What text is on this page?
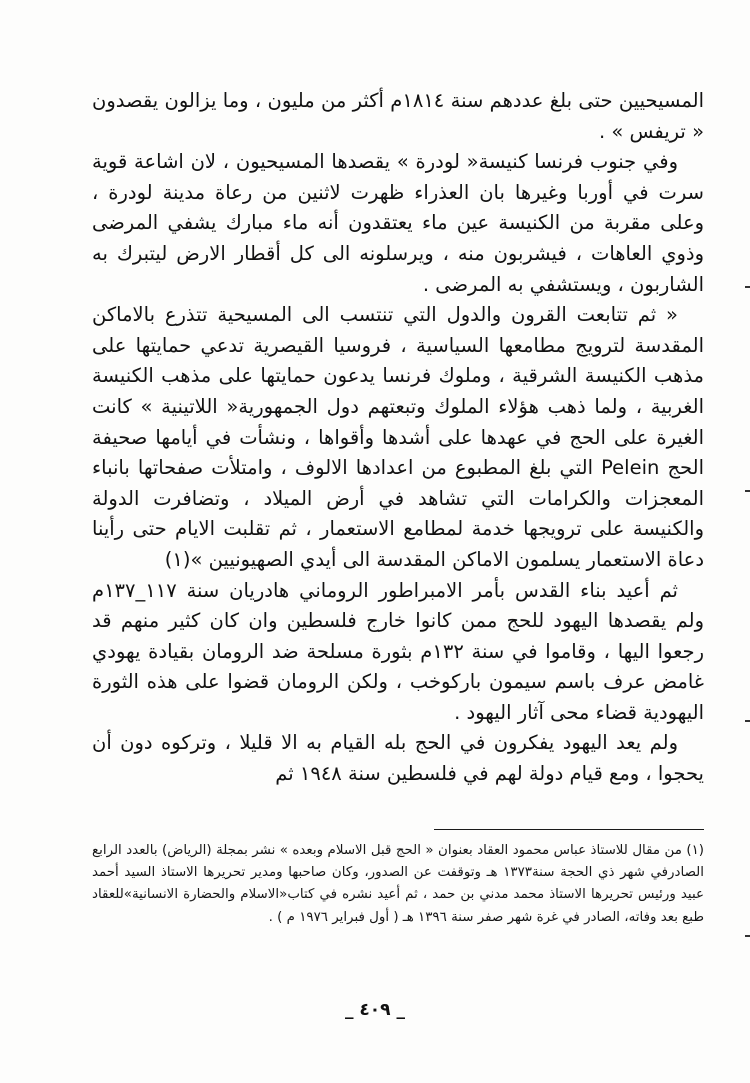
المسيحيين حتى بلغ عددهم سنة ١٨١٤م أكثر من مليون ، وما يزالون يقصدون « تريفس » .

وفي جنوب فرنسا كنيسة« لودرة » يقصدها المسيحيون ، لان اشاعة قوية سرت في أوربا وغيرها بان العذراء ظهرت لاثنين من رعاة مدينة لودرة ، وعلى مقربة من الكنيسة عين ماء يعتقدون أنه ماء مبارك يشفي المرضى وذوي العاهات ، فيشربون منه ، ويرسلونه الى كل أقطار الارض ليتبرك به الشاربون ، ويستشفي به المرضى .

« ثم تتابعت القرون والدول التي تنتسب الى المسيحية تتذرع بالاماكن المقدسة لترويج مطامعها السياسية ، فروسيا القيصرية تدعي حمايتها على مذهب الكنيسة الشرقية ، وملوك فرنسا يدعون حمايتها على مذهب الكنيسة الغربية ، ولما ذهب هؤلاء الملوك وتبعتهم دول الجمهورية« اللاتينية » كانت الغيرة على الحج في عهدها على أشدها وأقواها ، ونشأت في أيامها صحيفة الحج Pelein التي بلغ المطبوع من اعدادها الالوف ، وامتلأت صفحاتها بانباء المعجزات والكرامات التي تشاهد في أرض الميلاد ، وتضافرت الدولة والكنيسة على ترويجها خدمة لمطامع الاستعمار ، ثم تقلبت الايام حتى رأينا دعاة الاستعمار يسلمون الاماكن المقدسة الى أيدي الصهيونيين »(١)

ثم أعيد بناء القدس بأمر الامبراطور الروماني هادريان سنة ١١٧_١٣٧م ولم يقصدها اليهود للحج ممن كانوا خارج فلسطين وان كان كثير منهم قد رجعوا اليها ، وقاموا في سنة ١٣٢م بثورة مسلحة ضد الرومان بقيادة يهودي غامض عرف باسم سيمون باركوخب ، ولكن الرومان قضوا على هذه الثورة اليهودية قضاء محى آثار اليهود .

ولم يعد اليهود يفكرون في الحج بله القيام به الا قليلا ، وتركوه دون أن يحجوا ، ومع قيام دولة لهم في فلسطين سنة ١٩٤٨ ثم

(١) من مقال للاستاذ عباس محمود العقاد بعنوان « الحج قبل الاسلام وبعده » نشر بمجلة (الرياض) بالعدد الرابع الصادرفي شهر ذي الحجة سنة١٣٧٣ هـ وتوقفت عن الصدور، وكان صاحبها ومدير تحريرها الاستاذ السيد أحمد عبيد ورئيس تحريرها الاستاذ محمد مدني بن حمد ، ثم أعيد نشره في كتاب«الاسلام والحضارة الانسانية»للعقاد طبع بعد وفاته، الصادر في غرة شهر صفر سنة ١٣٩٦ هـ ( أول فبراير ١٩٧٦ م ) .
_ ٤٠٩ _
